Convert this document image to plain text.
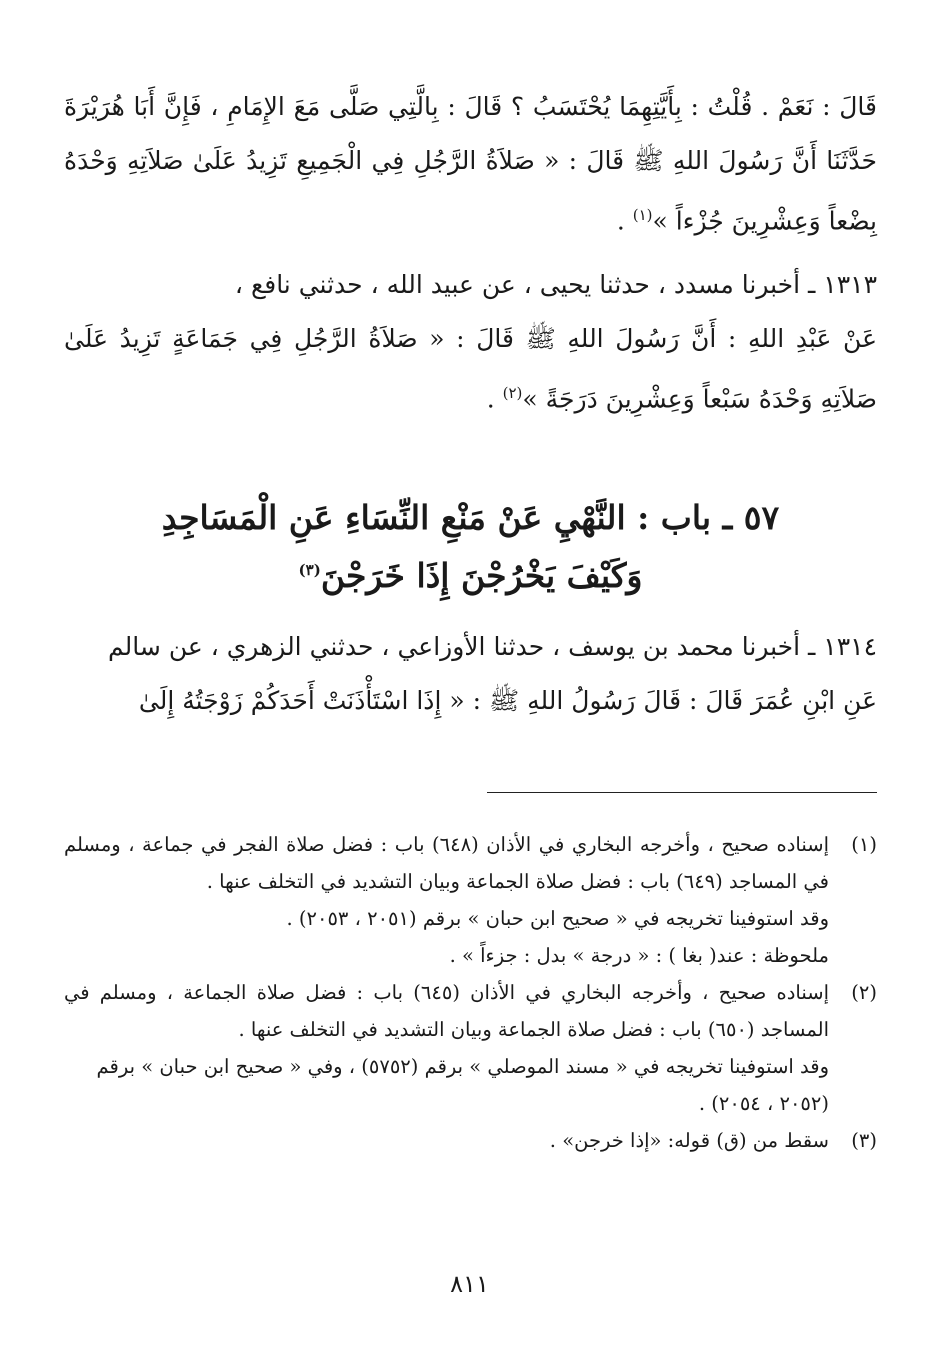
قَالَ : نَعَمْ . قُلْتُ : بِأَيَّتِهِمَا يُحْتَسَبُ ؟ قَالَ : بِالَّتِي صَلَّى مَعَ الإِمَامِ ، فَإِنَّ أَبَا هُرَيْرَةَ حَدَّثَنَا أَنَّ رَسُولَ اللهِ ﷺ قَالَ : « صَلاَةُ الرَّجُلِ فِي الْجَمِيعِ تَزِيدُ عَلَىٰ صَلاَتِهِ وَحْدَهُ بِضْعاً وَعِشْرِينَ جُزْءاً »$^{(١)}$ .

١٣١٣ ـ أخبرنا مسدد ، حدثنا يحيى ، عن عبيد الله ، حدثني نافع ،

عَنْ عَبْدِ اللهِ : أَنَّ رَسُولَ اللهِ ﷺ قَالَ : « صَلاَةُ الرَّجُلِ فِي جَمَاعَةٍ تَزِيدُ عَلَىٰ صَلاَتِهِ وَحْدَهُ سَبْعاً وَعِشْرِينَ دَرَجَةً »$^{(٢)}$ .

٥٧ ـ باب : النَّهْيِ عَنْ مَنْعِ النِّسَاءِ عَنِ الْمَسَاجِدِ
وَكَيْفَ يَخْرُجْنَ إِذَا خَرَجْنَ$^{(٣)}$

١٣١٤ ـ أخبرنا محمد بن يوسف ، حدثنا الأوزاعي ، حدثني الزهري ، عن سالم

عَنِ ابْنِ عُمَرَ قَالَ : قَالَ رَسُولُ اللهِ ﷺ : « إِذَا اسْتَأْذَنَتْ أَحَدَكُمْ زَوْجَتُهُ إِلَىٰ

(١)
إسناده صحيح ، وأخرجه البخاري في الأذان (٦٤٨) باب : فضل صلاة الفجر في جماعة ، ومسلم في المساجد (٦٤٩) باب : فضل صلاة الجماعة وبيان التشديد في التخلف عنها .
وقد استوفينا تخريجه في « صحيح ابن حبان » برقم (٢٠٥١ ، ٢٠٥٣) .
ملحوظة : عند( بغا ) : « درجة » بدل : جزءاً » .
(٢)
إسناده صحيح ، وأخرجه البخاري في الأذان (٦٤٥) باب : فضل صلاة الجماعة ، ومسلم في المساجد (٦٥٠) باب : فضل صلاة الجماعة وبيان التشديد في التخلف عنها .
وقد استوفينا تخريجه في « مسند الموصلي » برقم (٥٧٥٢) ، وفي « صحيح ابن حبان » برقم (٢٠٥٢ ، ٢٠٥٤) .
(٣)
سقط من (ق) قوله: «إذا خرجن» .
٨١١
